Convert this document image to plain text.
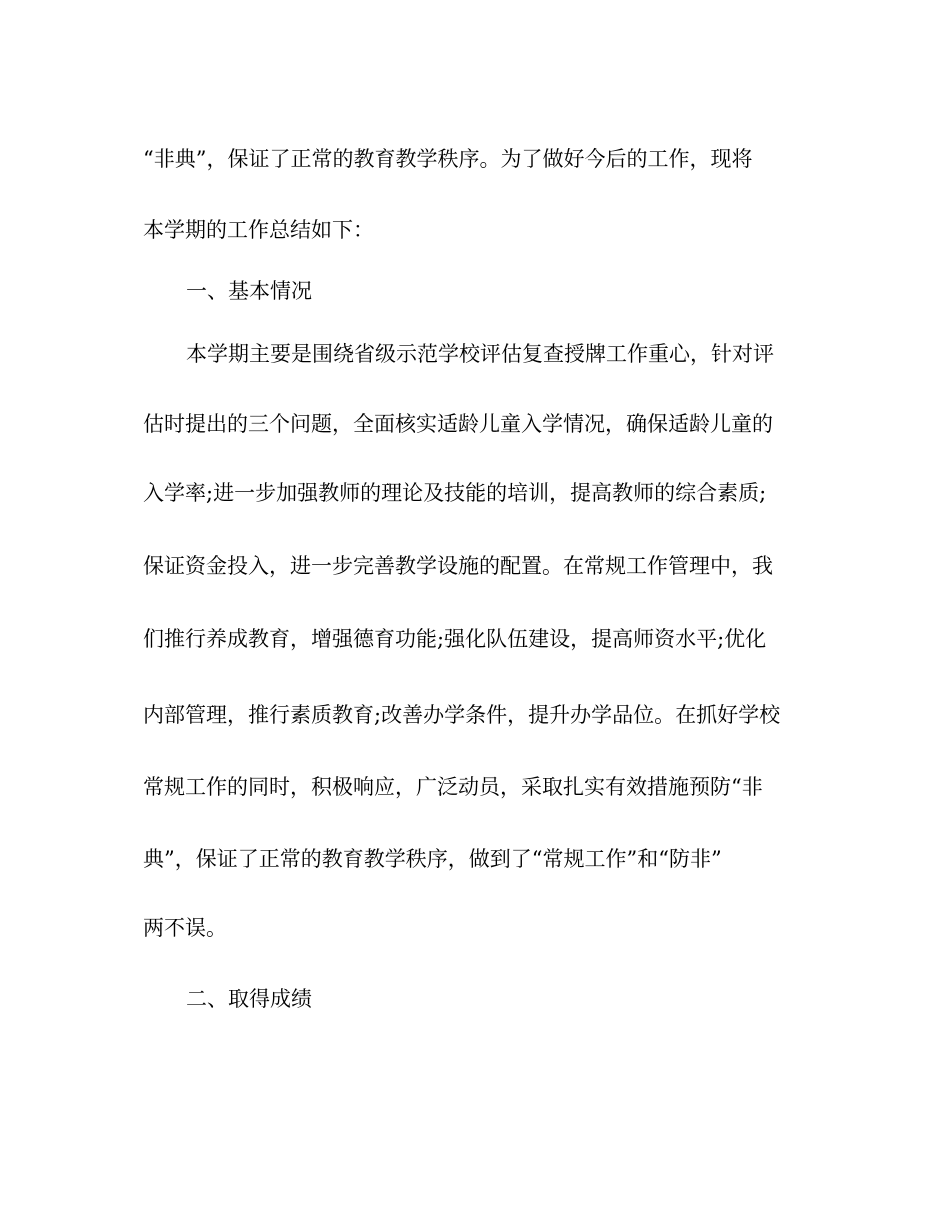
“非典”，保证了正常的教育教学秩序。为了做好今后的工作，现将
本学期的工作总结如下：
一、基本情况
本学期主要是围绕省级示范学校评估复查授牌工作重心，针对评
估时提出的三个问题，全面核实适龄儿童入学情况，确保适龄儿童的
入学率;进一步加强教师的理论及技能的培训，提高教师的综合素质;
保证资金投入，进一步完善教学设施的配置。在常规工作管理中，我
们推行养成教育，增强德育功能;强化队伍建设，提高师资水平;优化
内部管理，推行素质教育;改善办学条件，提升办学品位。在抓好学校
常规工作的同时，积极响应，广泛动员，采取扎实有效措施预防“非
典”，保证了正常的教育教学秩序，做到了“常规工作”和“防非”
两不误。
二、取得成绩
